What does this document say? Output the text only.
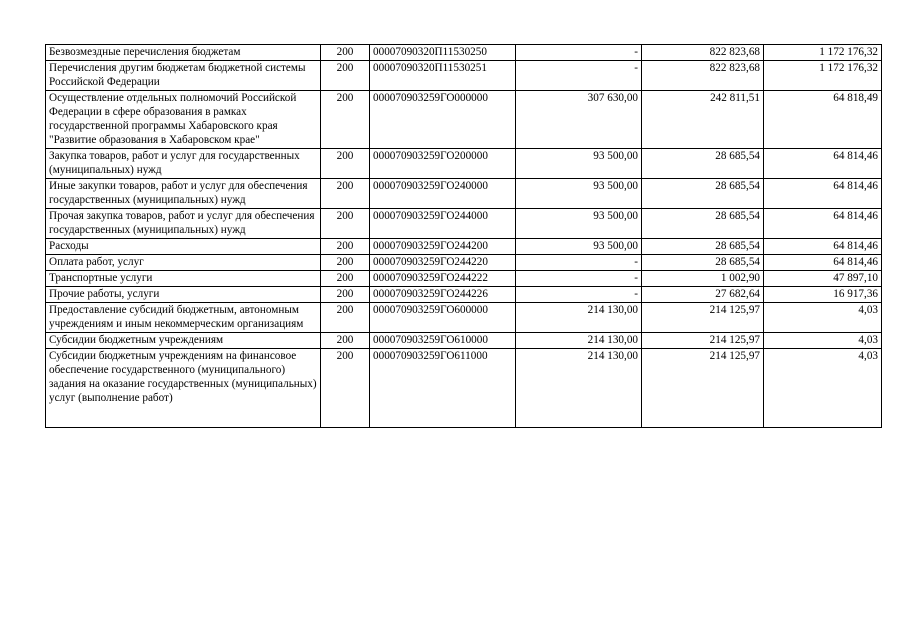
Безвозмездные перечисления бюджетам	200	00007090320П11530250	-	822 823,68	1 172 176,32
Перечисления другим бюджетам бюджетной системы Российской Федерации	200	00007090320П11530251	-	822 823,68	1 172 176,32
Осуществление отдельных полномочий Российской Федерации в сфере образования в рамках государственной программы Хабаровского края "Развитие образования в Хабаровском крае"	200	000070903259ГО000000	307 630,00	242 811,51	64 818,49
Закупка товаров, работ и услуг для государственных (муниципальных) нужд	200	000070903259ГО200000	93 500,00	28 685,54	64 814,46
Иные закупки товаров, работ и услуг для обеспечения государственных (муниципальных) нужд	200	000070903259ГО240000	93 500,00	28 685,54	64 814,46
Прочая закупка товаров, работ и услуг для обеспечения государственных (муниципальных) нужд	200	000070903259ГО244000	93 500,00	28 685,54	64 814,46
Расходы	200	000070903259ГО244200	93 500,00	28 685,54	64 814,46
Оплата работ, услуг	200	000070903259ГО244220	-	28 685,54	64 814,46
Транспортные услуги	200	000070903259ГО244222	-	1 002,90	47 897,10
Прочие работы, услуги	200	000070903259ГО244226	-	27 682,64	16 917,36
Предоставление субсидий бюджетным, автономным учреждениям и иным некоммерческим организациям	200	000070903259ГО600000	214 130,00	214 125,97	4,03
Субсидии бюджетным учреждениям	200	000070903259ГО610000	214 130,00	214 125,97	4,03
Субсидии бюджетным учреждениям на финансовое обеспечение государственного (муниципального) задания на оказание государственных (муниципальных) услуг (выполнение работ)	200	000070903259ГО611000	214 130,00	214 125,97	4,03
